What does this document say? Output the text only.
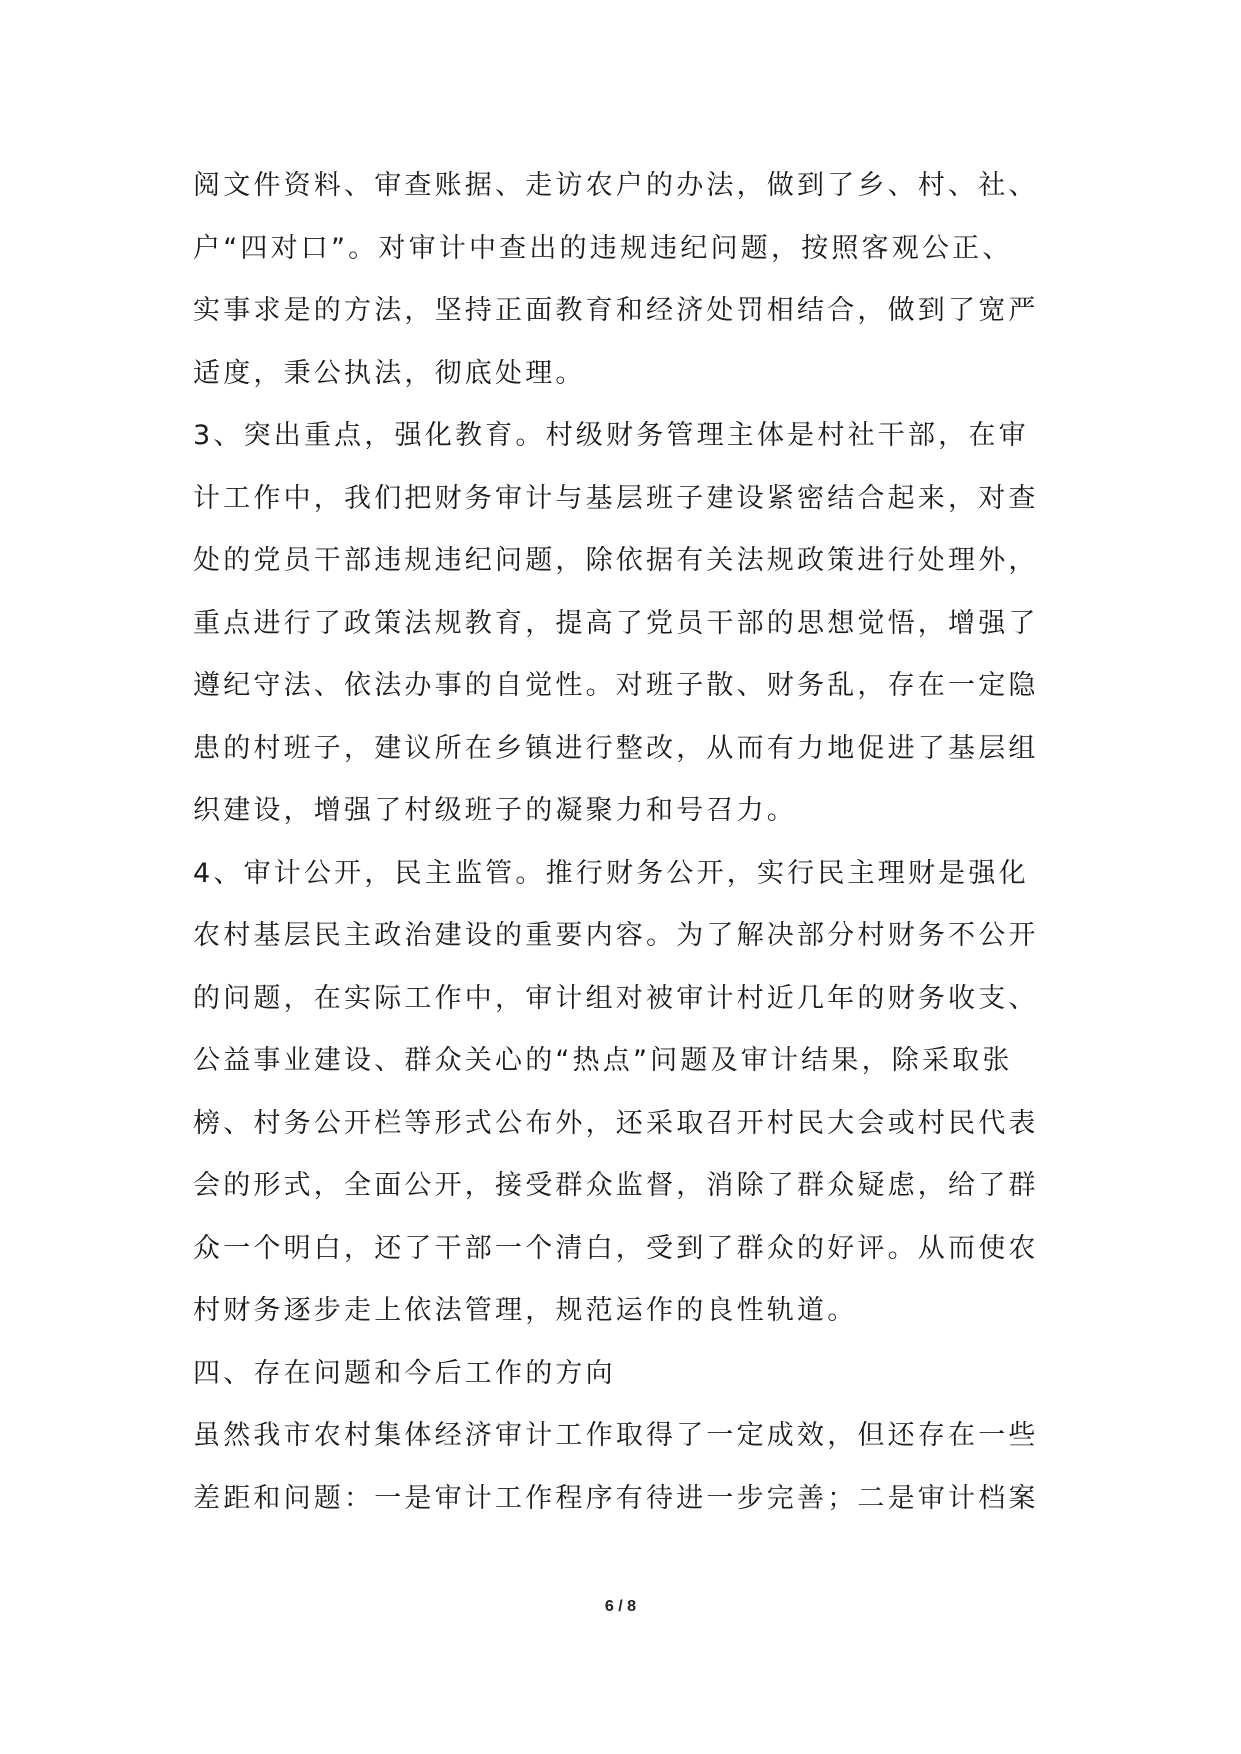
阅文件资料、审查账据、走访农户的办法，做到了乡、村、社、
户“四对口”。对审计中查出的违规违纪问题，按照客观公正、
实事求是的方法，坚持正面教育和经济处罚相结合，做到了宽严
适度，秉公执法，彻底处理。
3、突出重点，强化教育。村级财务管理主体是村社干部，在审
计工作中，我们把财务审计与基层班子建设紧密结合起来，对查
处的党员干部违规违纪问题，除依据有关法规政策进行处理外，
重点进行了政策法规教育，提高了党员干部的思想觉悟，增强了
遵纪守法、依法办事的自觉性。对班子散、财务乱，存在一定隐
患的村班子，建议所在乡镇进行整改，从而有力地促进了基层组
织建设，增强了村级班子的凝聚力和号召力。
4、审计公开，民主监管。推行财务公开，实行民主理财是强化
农村基层民主政治建设的重要内容。为了解决部分村财务不公开
的问题，在实际工作中，审计组对被审计村近几年的财务收支、
公益事业建设、群众关心的“热点”问题及审计结果，除采取张
榜、村务公开栏等形式公布外，还采取召开村民大会或村民代表
会的形式，全面公开，接受群众监督，消除了群众疑虑，给了群
众一个明白，还了干部一个清白，受到了群众的好评。从而使农
村财务逐步走上依法管理，规范运作的良性轨道。
四、存在问题和今后工作的方向
虽然我市农村集体经济审计工作取得了一定成效，但还存在一些
差距和问题：一是审计工作程序有待进一步完善；二是审计档案
6 / 8
